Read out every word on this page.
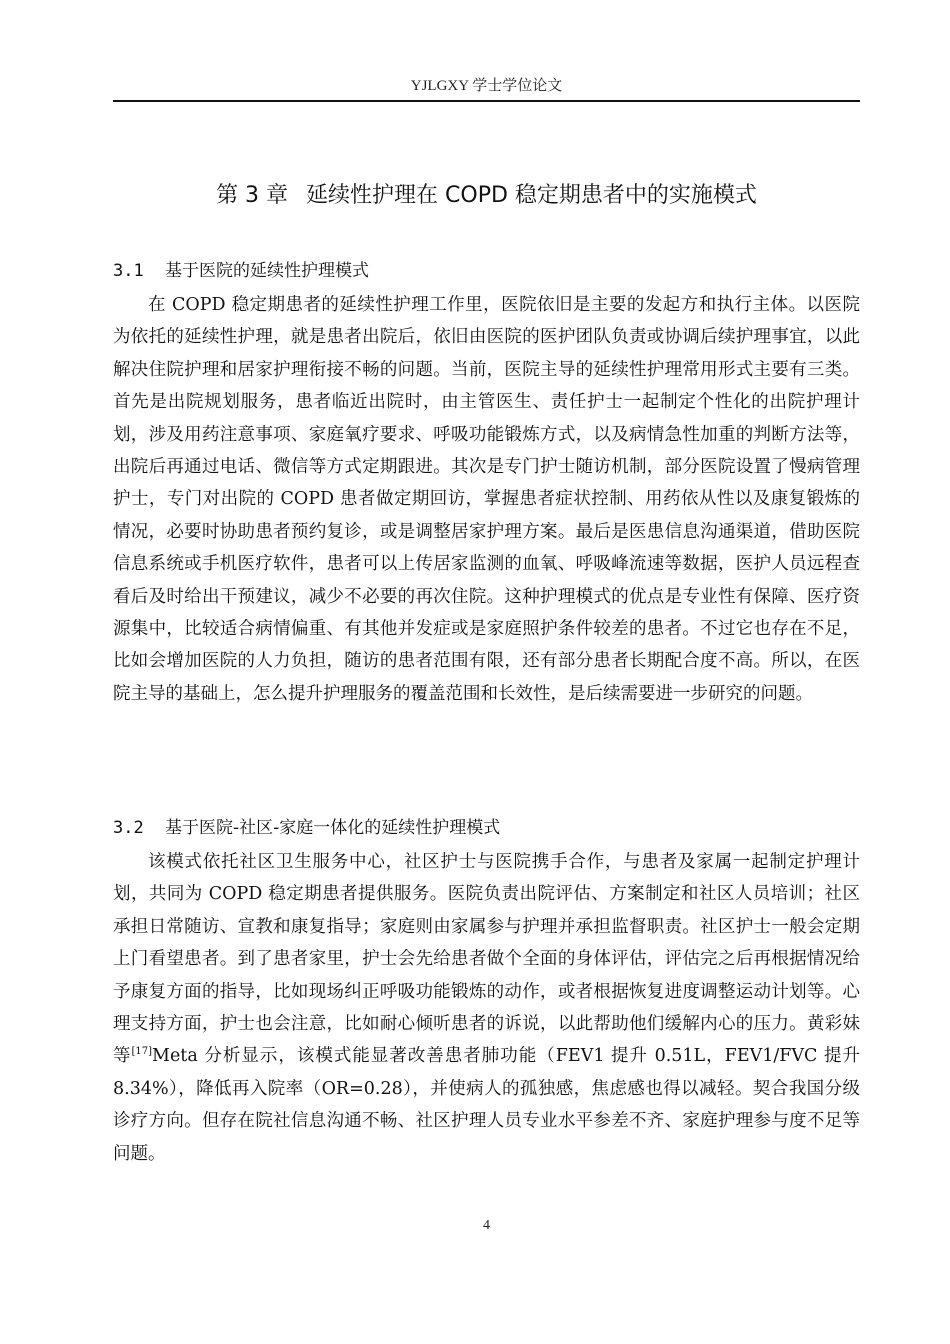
YJLGXY 学士学位论文
第 3 章 延续性护理在 COPD 稳定期患者中的实施模式
3.1 基于医院的延续性护理模式

在 COPD 稳定期患者的延续性护理工作里，医院依旧是主要的发起方和执行主体。以医院为依托的延续性护理，就是患者出院后，依旧由医院的医护团队负责或协调后续护理事宜，以此解决住院护理和居家护理衔接不畅的问题。当前，医院主导的延续性护理常用形式主要有三类。首先是出院规划服务，患者临近出院时，由主管医生、责任护士一起制定个性化的出院护理计划，涉及用药注意事项、家庭氧疗要求、呼吸功能锻炼方式，以及病情急性加重的判断方法等，出院后再通过电话、微信等方式定期跟进。其次是专门护士随访机制，部分医院设置了慢病管理护士，专门对出院的 COPD 患者做定期回访，掌握患者症状控制、用药依从性以及康复锻炼的情况，必要时协助患者预约复诊，或是调整居家护理方案。最后是医患信息沟通渠道，借助医院信息系统或手机医疗软件，患者可以上传居家监测的血氧、呼吸峰流速等数据，医护人员远程查看后及时给出干预建议，减少不必要的再次住院。这种护理模式的优点是专业性有保障、医疗资源集中，比较适合病情偏重、有其他并发症或是家庭照护条件较差的患者。不过它也存在不足，比如会增加医院的人力负担，随访的患者范围有限，还有部分患者长期配合度不高。所以，在医院主导的基础上，怎么提升护理服务的覆盖范围和长效性，是后续需要进一步研究的问题。

3.2 基于医院-社区-家庭一体化的延续性护理模式

该模式依托社区卫生服务中心，社区护士与医院携手合作，与患者及家属一起制定护理计划，共同为 COPD 稳定期患者提供服务。医院负责出院评估、方案制定和社区人员培训；社区承担日常随访、宣教和康复指导；家庭则由家属参与护理并承担监督职责。社区护士一般会定期上门看望患者。到了患者家里，护士会先给患者做个全面的身体评估，评估完之后再根据情况给予康复方面的指导，比如现场纠正呼吸功能锻炼的动作，或者根据恢复进度调整运动计划等。心理支持方面，护士也会注意，比如耐心倾听患者的诉说，以此帮助他们缓解内心的压力。黄彩妹等[17]Meta 分析显示，该模式能显著改善患者肺功能（FEV1 提升 0.51L，FEV1/FVC 提升 8.34%），降低再入院率（OR=0.28），并使病人的孤独感，焦虑感也得以减轻。契合我国分级诊疗方向。但存在院社信息沟通不畅、社区护理人员专业水平参差不齐、家庭护理参与度不足等问题。

4
